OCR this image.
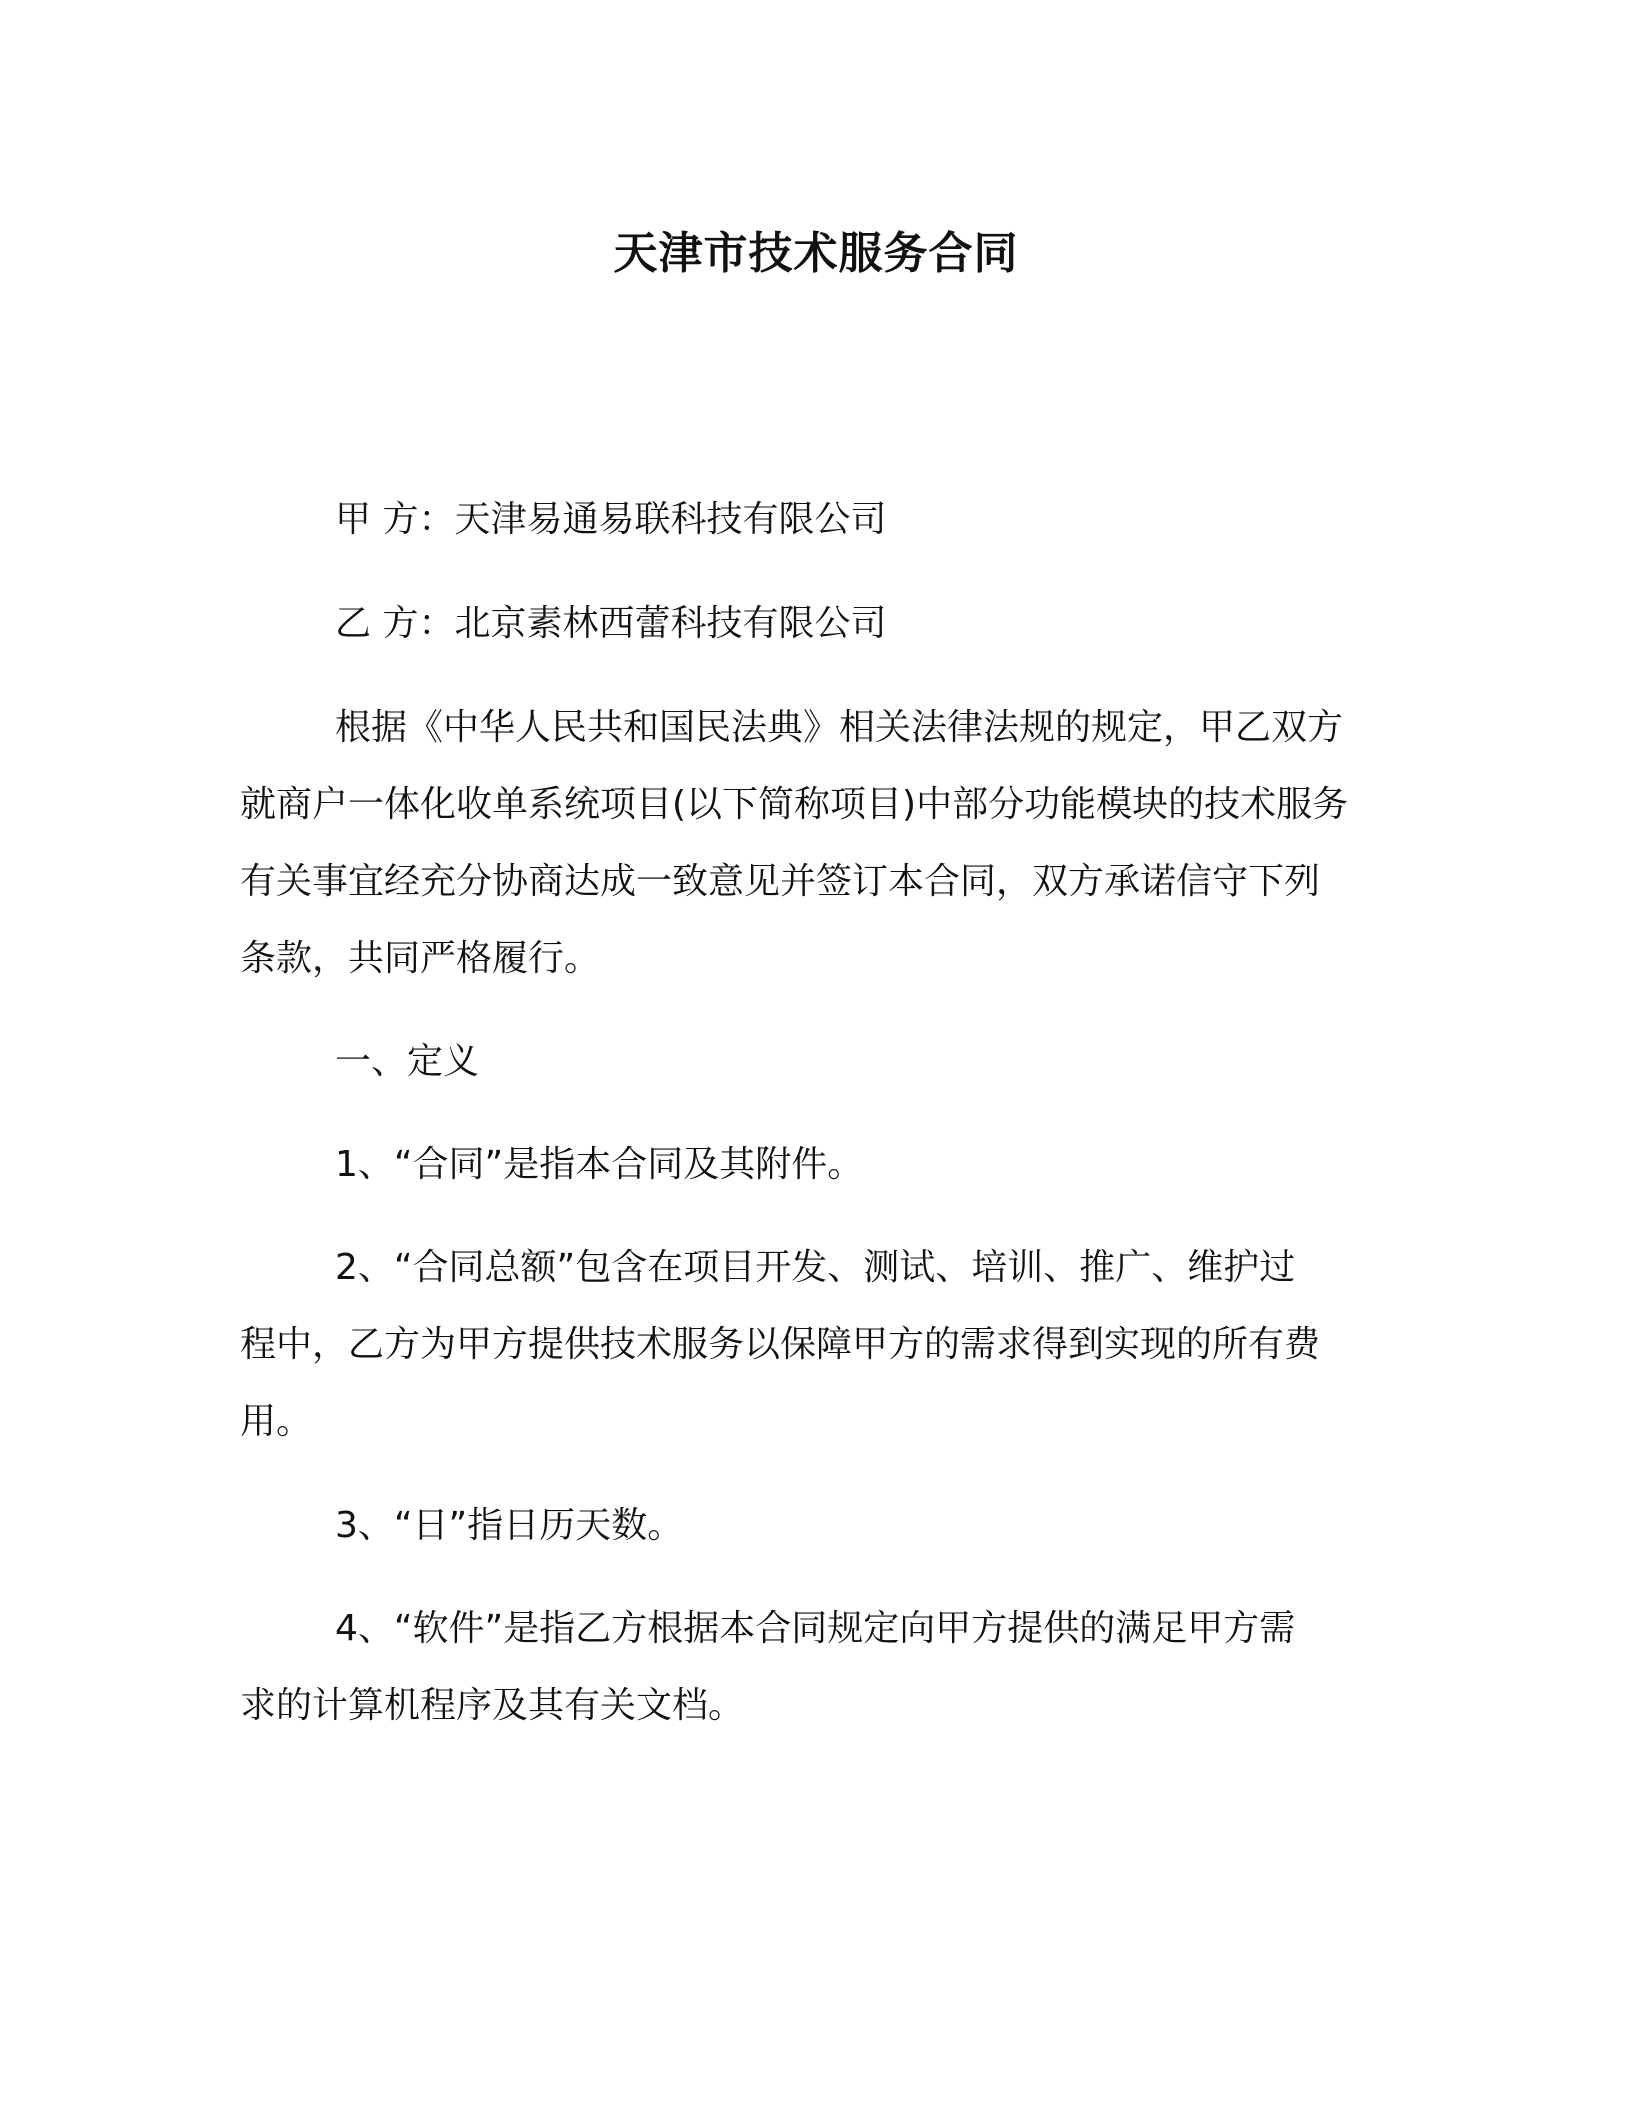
天津市技术服务合同
甲 方：天津易通易联科技有限公司
乙 方：北京素林西蕾科技有限公司
根据《中华人民共和国民法典》相关法律法规的规定，甲乙双方
就商户一体化收单系统项目(以下简称项目)中部分功能模块的技术服务
有关事宜经充分协商达成一致意见并签订本合同，双方承诺信守下列
条款，共同严格履行。
一、定义
1、“合同”是指本合同及其附件。
2、“合同总额”包含在项目开发、测试、培训、推广、维护过
程中，乙方为甲方提供技术服务以保障甲方的需求得到实现的所有费
用。
3、“日”指日历天数。
4、“软件”是指乙方根据本合同规定向甲方提供的满足甲方需
求的计算机程序及其有关文档。
